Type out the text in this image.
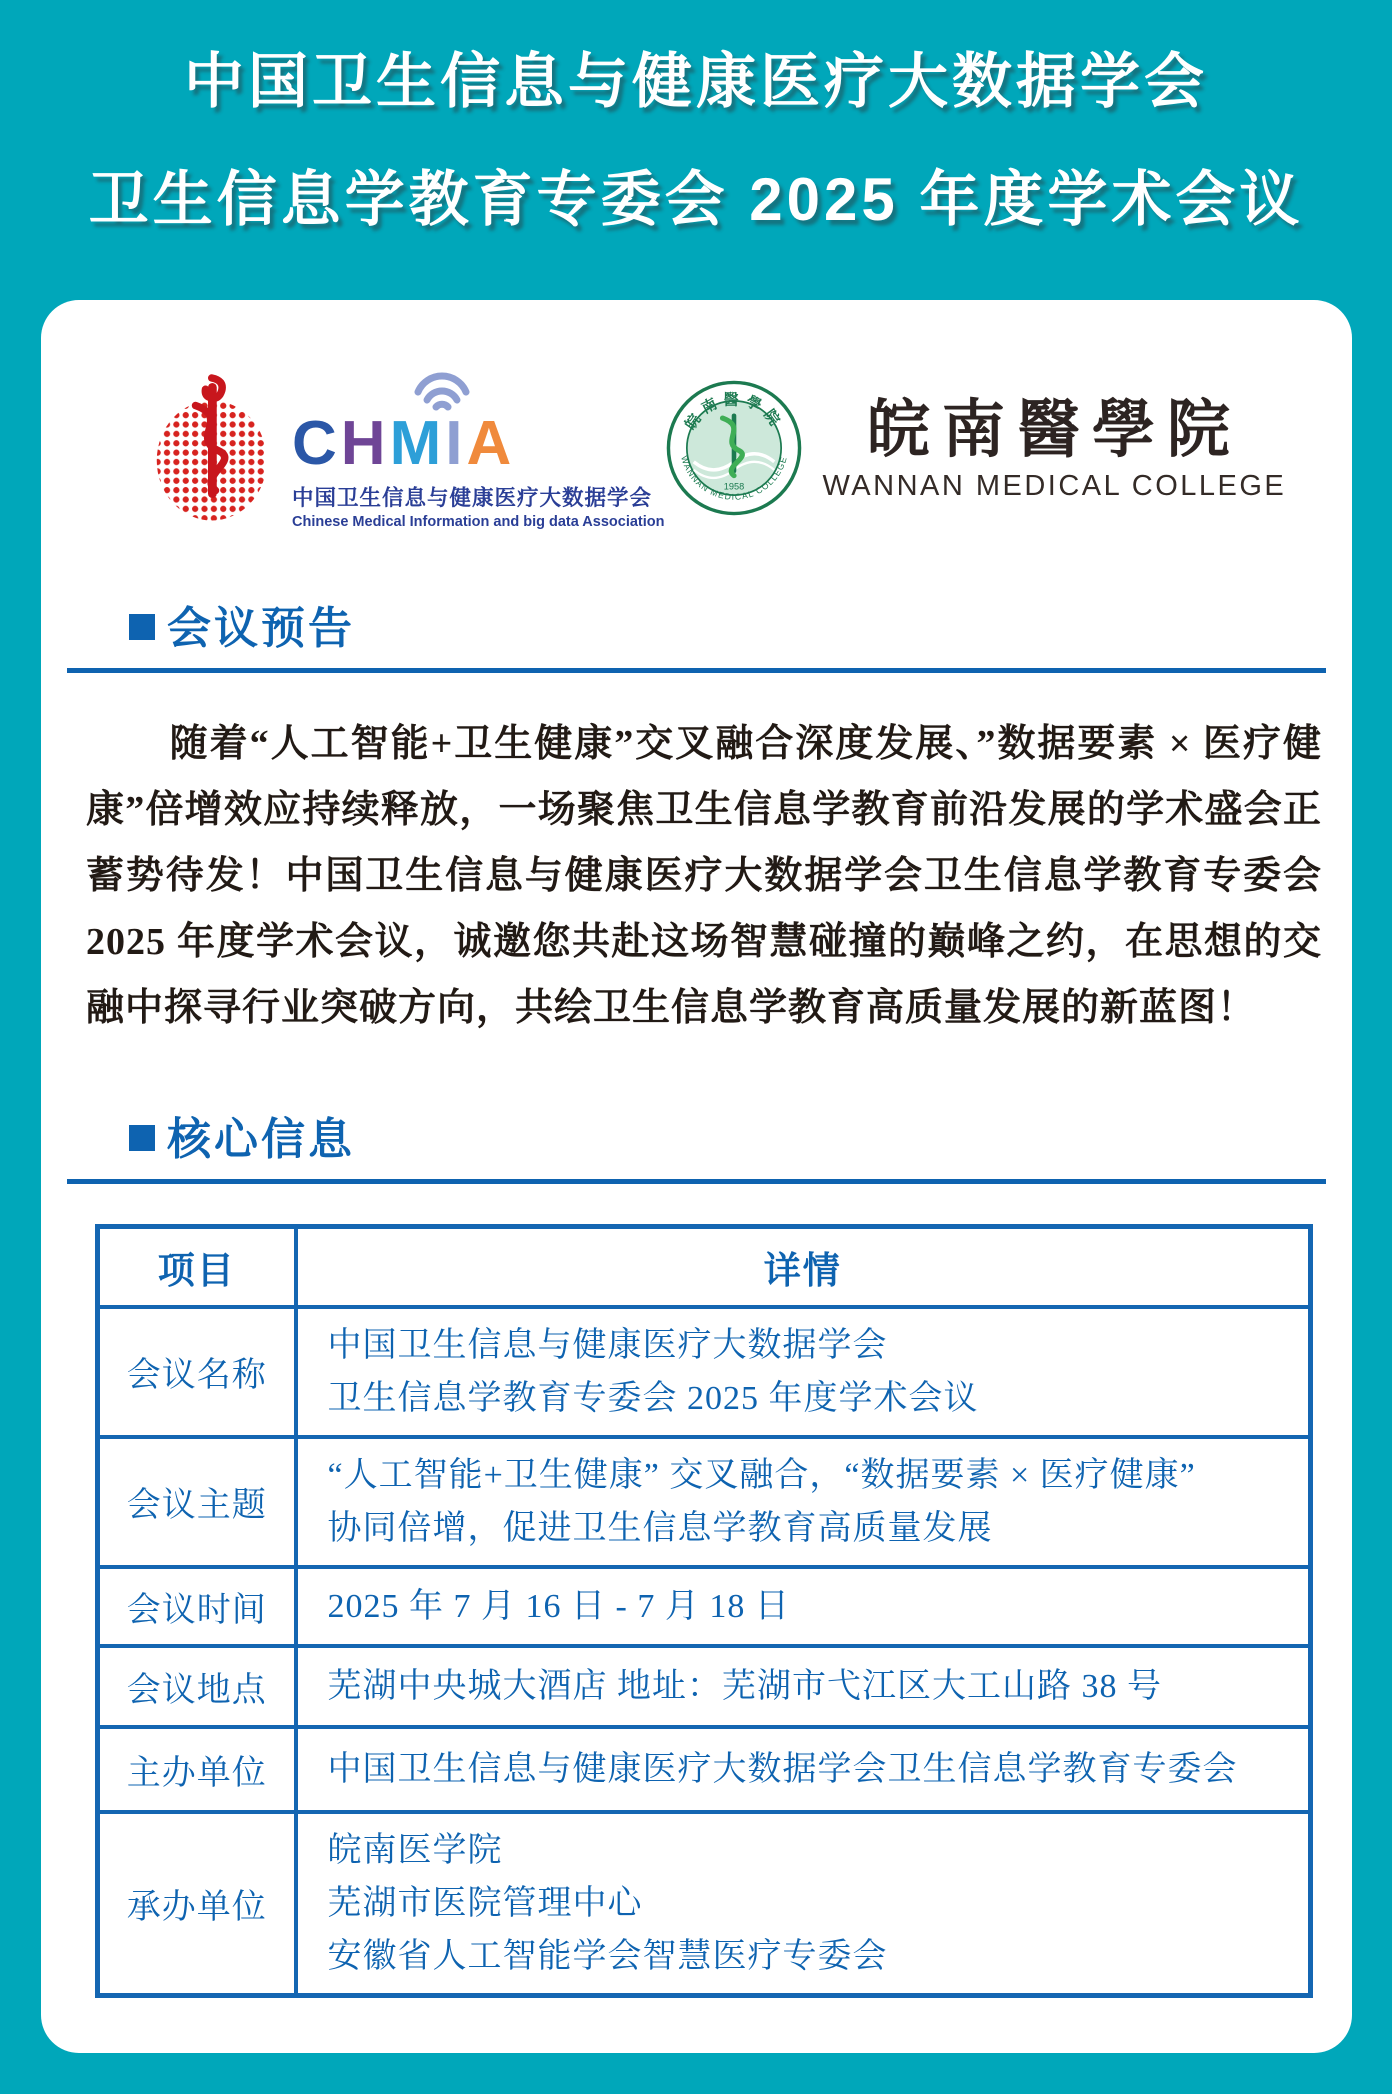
中国卫生信息与健康医疗大数据学会
卫生信息学教育专委会 2025 年度学术会议
CHMIA
中国卫生信息与健康医疗大数据学会
Chinese Medical Information and big data Association
皖南醫學院
WANNAN MEDICAL COLLEGE
1958
皖南醫學院
WANNAN MEDICAL COLLEGE
会议预告

随着“人工智能+卫生健康”交叉融合深度发展、”数据要素 × 医疗健康”倍增效应持续释放，一场聚焦卫生信息学教育前沿发展的学术盛会正蓄势待发！中国卫生信息与健康医疗大数据学会卫生信息学教育专委会 2025 年度学术会议，诚邀您共赴这场智慧碰撞的巅峰之约，在思想的交融中探寻行业突破方向，共绘卫生信息学教育高质量发展的新蓝图！

核心信息
项目	详情
会议名称	中国卫生信息与健康医疗大数据学会
卫生信息学教育专委会 2025 年度学术会议

会议主题	“人工智能+卫生健康” 交叉融合，“数据要素 × 医疗健康”
协同倍增，促进卫生信息学教育高质量发展

会议时间	2025 年 7 月 16 日 - 7 月 18 日

会议地点	芜湖中央城大酒店 地址：芜湖市弋江区大工山路 38 号

主办单位	中国卫生信息与健康医疗大数据学会卫生信息学教育专委会

承办单位	皖南医学院
芜湖市医院管理中心
安徽省人工智能学会智慧医疗专委会
